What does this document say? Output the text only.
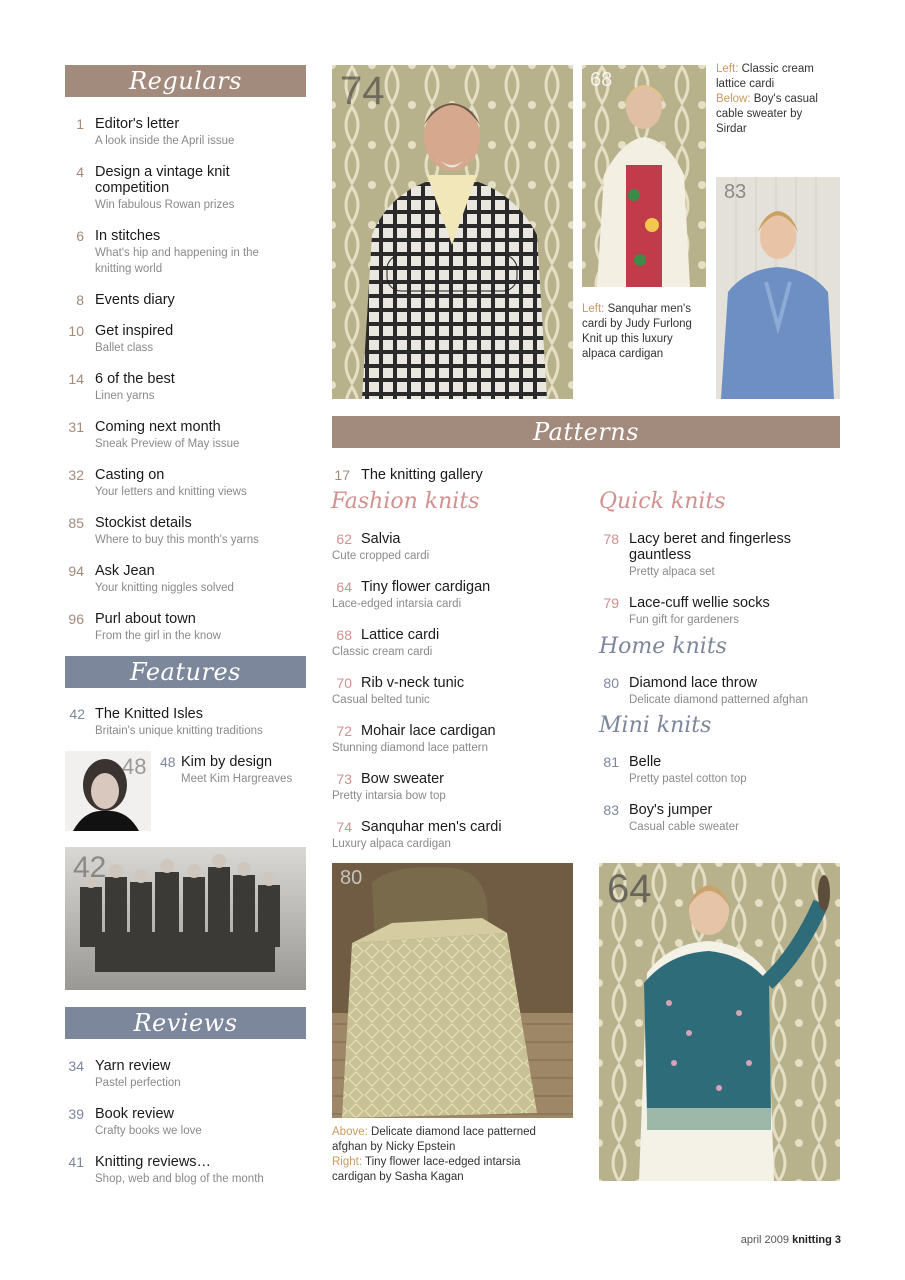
Regulars
1 Editor's letter
A look inside the April issue
4 Design a vintage knit
competition
Win fabulous Rowan prizes
6 In stitches
What's hip and happening in the
knitting world
8 Events diary
10 Get inspired
Ballet class
14 6 of the best
Linen yarns
31 Coming next month
Sneak Preview of May issue
32 Casting on
Your letters and knitting views
85 Stockist details
Where to buy this month's yarns
94 Ask Jean
Your knitting niggles solved
96 Purl about town
From the girl in the know
Features
42 The Knitted Isles
Britain's unique knitting traditions
48 48 Kim by design
Meet Kim Hargreaves
42
Reviews
34 Yarn review
Pastel perfection
39 Book review
Crafty books we love
41 Knitting reviews…
Shop, web and blog of the month
74	68	Left: Classic cream
lattice cardi
Below: Boy's casual
cable sweater by
Sirdar
83
Left: Sanquhar men's
cardi by Judy Furlong
Knit up this luxury
alpaca cardigan
Patterns
17 The knitting gallery
Fashion knits
62 Salvia
Cute cropped cardi
64 Tiny flower cardigan
Lace-edged intarsia cardi
68 Lattice cardi
Classic cream cardi
70 Rib v-neck tunic
Casual belted tunic
72 Mohair lace cardigan
Stunning diamond lace pattern
73 Bow sweater
Pretty intarsia bow top
74 Sanquhar men's cardi
Luxury alpaca cardigan
Quick knits
78 Lacy beret and fingerless
gauntless
Pretty alpaca set
79 Lace-cuff wellie socks
Fun gift for gardeners
Home knits
80 Diamond lace throw
Delicate diamond patterned afghan
Mini knits
81 Belle
Pretty pastel cotton top
83 Boy's jumper
Casual cable sweater
80
Above: Delicate diamond lace patterned
afghan by Nicky Epstein
Right: Tiny flower lace-edged intarsia
cardigan by Sasha Kagan
64
april 2009 knitting 3
